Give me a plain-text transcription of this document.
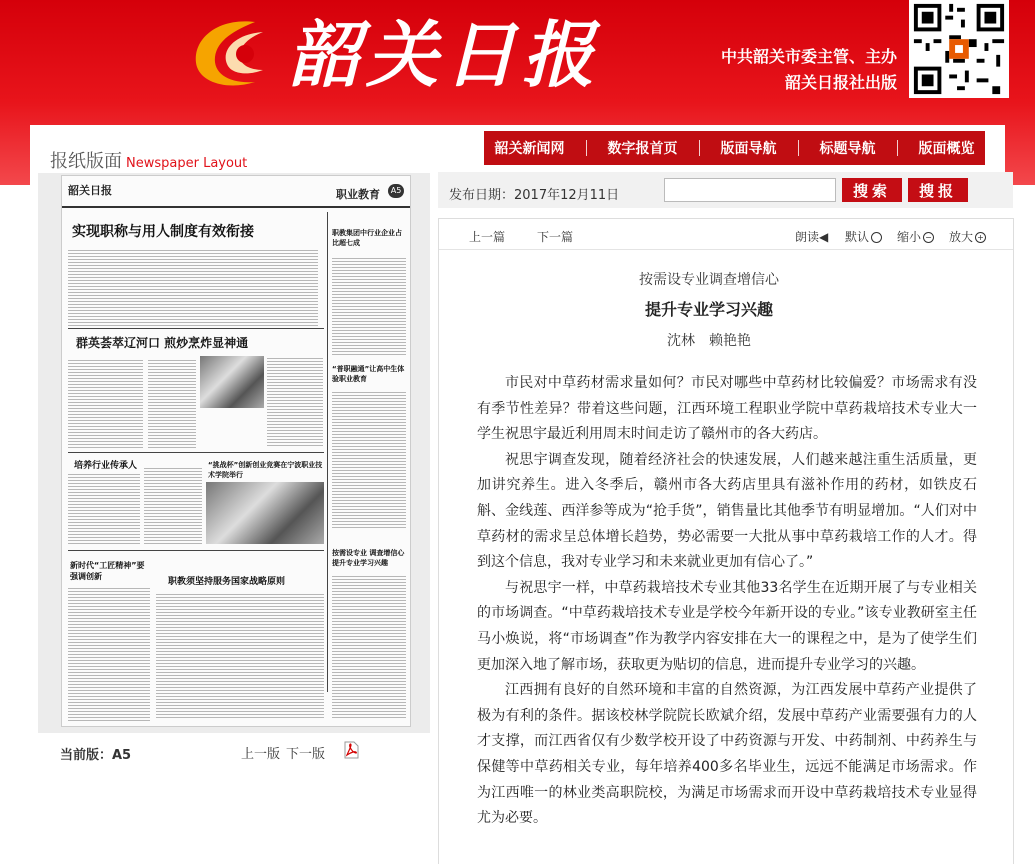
韶关日报	中共韶关市委主管、主办
韶关日报社出版
报纸版面 Newspaper Layout
韶关新闻网	数字报首页	版面导航	标题导航	版面概览
韶关日报	职业教育	A5
实现职称与用人制度有效衔接	职教集团中行业企业占比超七成
群英荟萃辽河口 煎炒烹炸显神通
“普职融通”让高中生体验职业教育
培养行业传承人	“挑战杯”创新创业竞赛在宁波职业技术学院举行
新时代“工匠精神”要强调创新
职教须坚持服务国家战略原则
按需设专业 调查增信心 提升专业学习兴趣
当前版：A5	上一版 下一版
发布日期：2017年12月11日	搜索	搜报
上一篇	下一篇	朗读◀ 默认	缩小 − 放大 +
按需设专业调查增信心
提升专业学习兴趣
沈林　赖艳艳

市民对中草药材需求量如何？市民对哪些中草药材比较偏爱？市场需求有没有季节性差异？带着这些问题，江西环境工程职业学院中草药栽培技术专业大一学生祝思宇最近利用周末时间走访了赣州市的各大药店。

祝思宇调查发现，随着经济社会的快速发展，人们越来越注重生活质量，更加讲究养生。进入冬季后，赣州市各大药店里具有滋补作用的药材，如铁皮石斛、金线莲、西洋参等成为“抢手货”，销售量比其他季节有明显增加。“人们对中草药材的需求呈总体增长趋势，势必需要一大批从事中草药栽培工作的人才。得到这个信息，我对专业学习和未来就业更加有信心了。”

与祝思宇一样，中草药栽培技术专业其他33名学生在近期开展了与专业相关的市场调查。“中草药栽培技术专业是学校今年新开设的专业。”该专业教研室主任马小焕说，将“市场调查”作为教学内容安排在大一的课程之中，是为了使学生们更加深入地了解市场，获取更为贴切的信息，进而提升专业学习的兴趣。

江西拥有良好的自然环境和丰富的自然资源，为江西发展中草药产业提供了极为有利的条件。据该校林学院院长欧斌介绍，发展中草药产业需要强有力的人才支撑，而江西省仅有少数学校开设了中药资源与开发、中药制剂、中药养生与保健等中草药相关专业，每年培养400多名毕业生，远远不能满足市场需求。作为江西唯一的林业类高职院校，为满足市场需求而开设中草药栽培技术专业显得尤为必要。
